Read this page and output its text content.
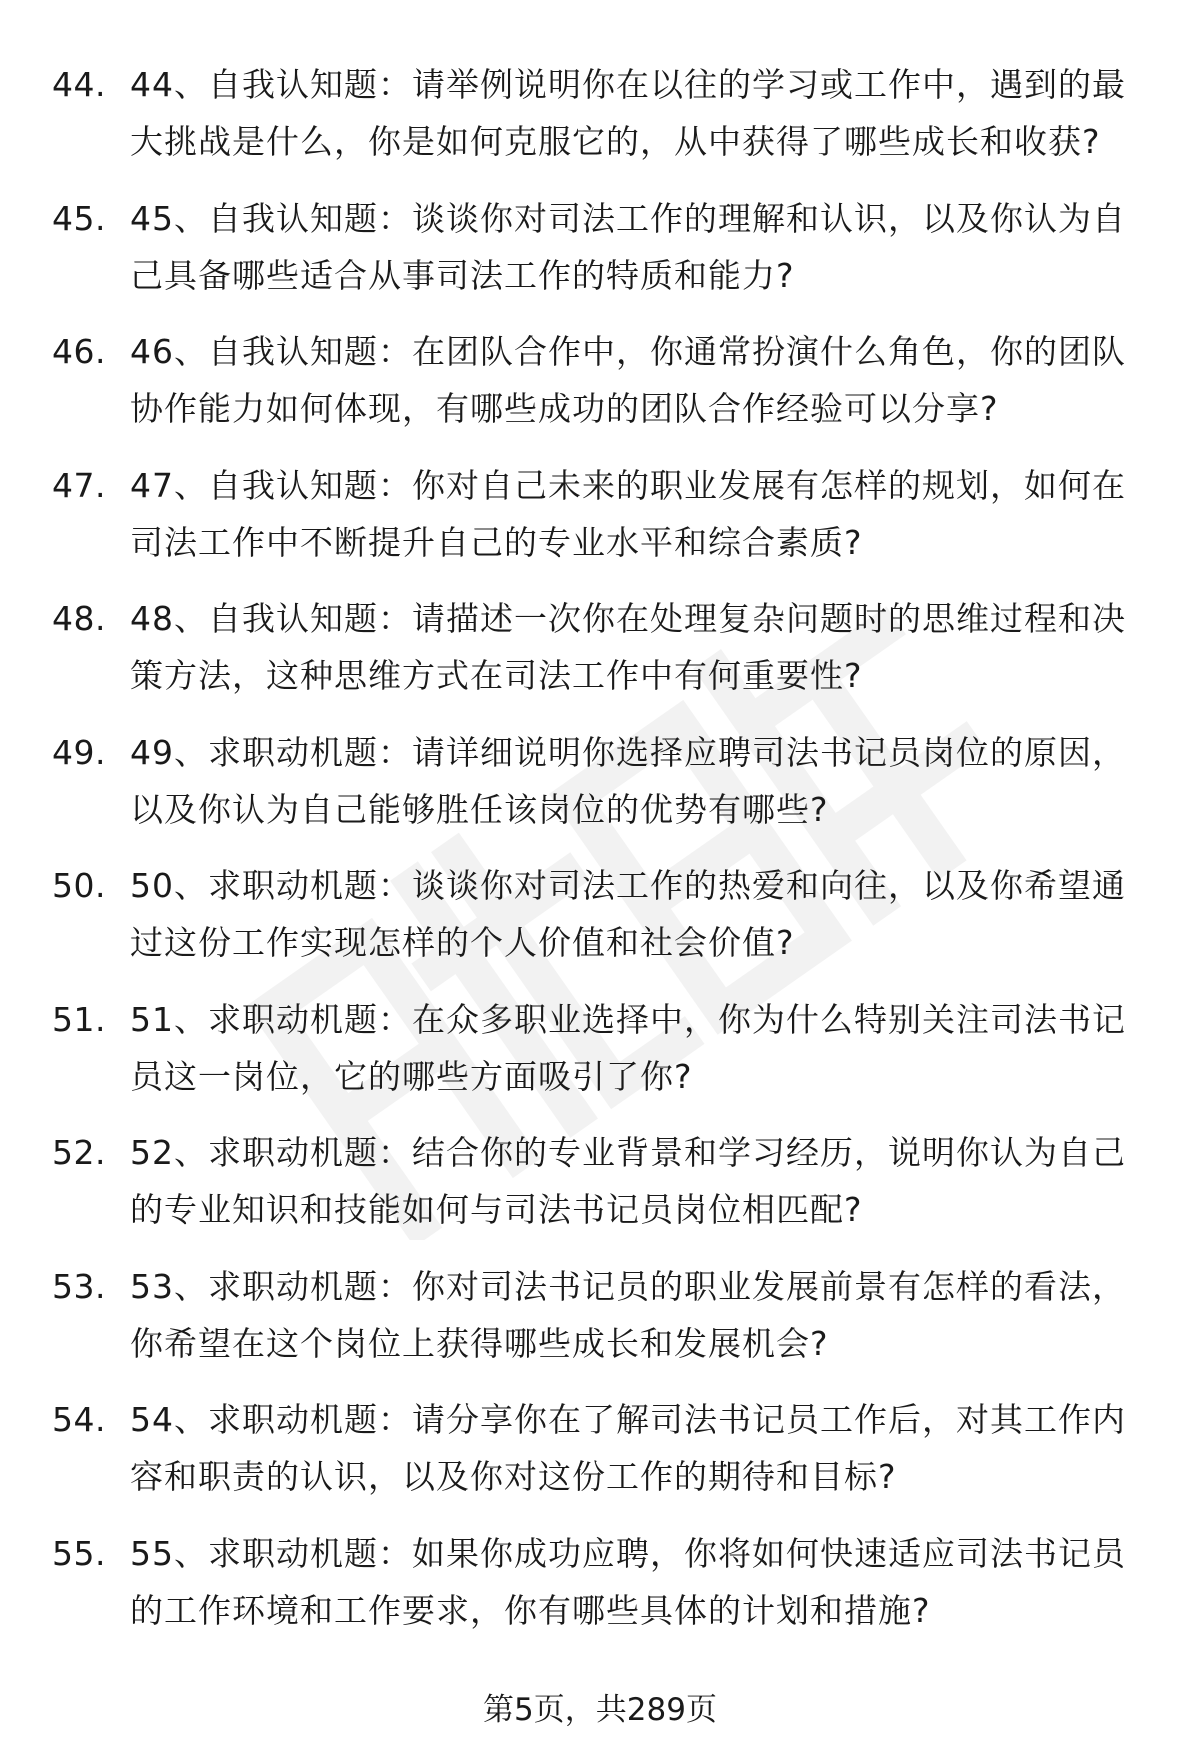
44. 44、自我认知题：请举例说明你在以往的学习或工作中，遇到的最大挑战是什么，你是如何克服它的，从中获得了哪些成长和收获?
45. 45、自我认知题：谈谈你对司法工作的理解和认识，以及你认为自己具备哪些适合从事司法工作的特质和能力?
46. 46、自我认知题：在团队合作中，你通常扮演什么角色，你的团队协作能力如何体现，有哪些成功的团队合作经验可以分享?
47. 47、自我认知题：你对自己未来的职业发展有怎样的规划，如何在司法工作中不断提升自己的专业水平和综合素质?
48. 48、自我认知题：请描述一次你在处理复杂问题时的思维过程和决策方法，这种思维方式在司法工作中有何重要性?
49. 49、求职动机题：请详细说明你选择应聘司法书记员岗位的原因，以及你认为自己能够胜任该岗位的优势有哪些?
50. 50、求职动机题：谈谈你对司法工作的热爱和向往，以及你希望通过这份工作实现怎样的个人价值和社会价值?
51. 51、求职动机题：在众多职业选择中，你为什么特别关注司法书记员这一岗位，它的哪些方面吸引了你?
52. 52、求职动机题：结合你的专业背景和学习经历，说明你认为自己的专业知识和技能如何与司法书记员岗位相匹配?
53. 53、求职动机题：你对司法书记员的职业发展前景有怎样的看法，你希望在这个岗位上获得哪些成长和发展机会?
54. 54、求职动机题：请分享你在了解司法书记员工作后，对其工作内容和职责的认识，以及你对这份工作的期待和目标?
55. 55、求职动机题：如果你成功应聘，你将如何快速适应司法书记员的工作环境和工作要求，你有哪些具体的计划和措施?
第5页，共289页
